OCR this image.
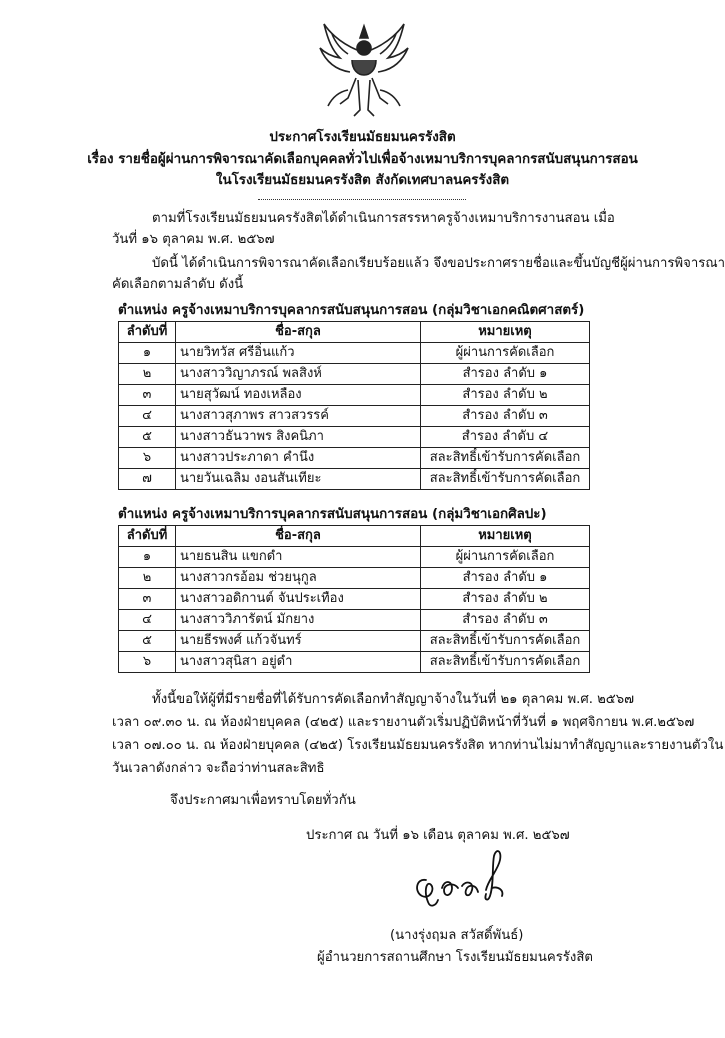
ประกาศโรงเรียนมัธยมนครรังสิต
เรื่อง รายชื่อผู้ผ่านการพิจารณาคัดเลือกบุคคลทั่วไปเพื่อจ้างเหมาบริการบุคลากรสนับสนุนการสอน
ในโรงเรียนมัธยมนครรังสิต สังกัดเทศบาลนครรังสิต
ตามที่โรงเรียนมัธยมนครรังสิตได้ดำเนินการสรรหาครูจ้างเหมาบริการงานสอน เมื่อ
วันที่ ๑๖ ตุลาคม พ.ศ. ๒๕๖๗
บัดนี้ ได้ดำเนินการพิจารณาคัดเลือกเรียบร้อยแล้ว จึงขอประกาศรายชื่อและขึ้นบัญชีผู้ผ่านการพิจารณา
คัดเลือกตามลำดับ ดังนี้
ตำแหน่ง ครูจ้างเหมาบริการบุคลากรสนับสนุนการสอน (กลุ่มวิชาเอกคณิตศาสตร์)
ลำดับที่	ชื่อ-สกุล	หมายเหตุ
๑	นายวิทวัส ศรีอิ่นแก้ว	ผู้ผ่านการคัดเลือก
๒	นางสาววิญาภรณ์ พลสิงห์	สำรอง ลำดับ ๑
๓	นายสุวัฒน์ ทองเหลือง	สำรอง ลำดับ ๒
๔	นางสาวสุภาพร สาวสวรรค์	สำรอง ลำดับ ๓
๕	นางสาวธันวาพร สิงคนิภา	สำรอง ลำดับ ๔
๖	นางสาวประภาดา คำนึง	สละสิทธิ์เข้ารับการคัดเลือก
๗	นายวันเฉลิม งอนสันเทียะ	สละสิทธิ์เข้ารับการคัดเลือก
ตำแหน่ง ครูจ้างเหมาบริการบุคลากรสนับสนุนการสอน (กลุ่มวิชาเอกศิลปะ)
ลำดับที่	ชื่อ-สกุล	หมายเหตุ
๑	นายธนสิน แขกดำ	ผู้ผ่านการคัดเลือก
๒	นางสาวกรอ้อม ช่วยนุกูล	สำรอง ลำดับ ๑
๓	นางสาวอดิกานต์ จันประเทือง	สำรอง ลำดับ ๒
๔	นางสาววิภารัตน์ มักยาง	สำรอง ลำดับ ๓
๕	นายธีรพงศ์ แก้วจันทร์	สละสิทธิ์เข้ารับการคัดเลือก
๖	นางสาวสุนิสา อยู่ดำ	สละสิทธิ์เข้ารับการคัดเลือก
ทั้งนี้ขอให้ผู้ที่มีรายชื่อที่ได้รับการคัดเลือกทำสัญญาจ้างในวันที่ ๒๑ ตุลาคม พ.ศ. ๒๕๖๗
เวลา ๐๙.๓๐ น. ณ ห้องฝ่ายบุคคล (๔๒๕) และรายงานตัวเริ่มปฏิบัติหน้าที่วันที่ ๑ พฤศจิกายน พ.ศ.๒๕๖๗
เวลา ๐๗.๐๐ น. ณ ห้องฝ่ายบุคคล (๔๒๕) โรงเรียนมัธยมนครรังสิต หากท่านไม่มาทำสัญญาและรายงานตัวใน
วันเวลาดังกล่าว จะถือว่าท่านสละสิทธิ
จึงประกาศมาเพื่อทราบโดยทั่วกัน
ประกาศ ณ วันที่ ๑๖ เดือน ตุลาคม พ.ศ. ๒๕๖๗
(นางรุ่งฤมล สวัสดิ์พันธ์)
ผู้อำนวยการสถานศึกษา โรงเรียนมัธยมนครรังสิต
